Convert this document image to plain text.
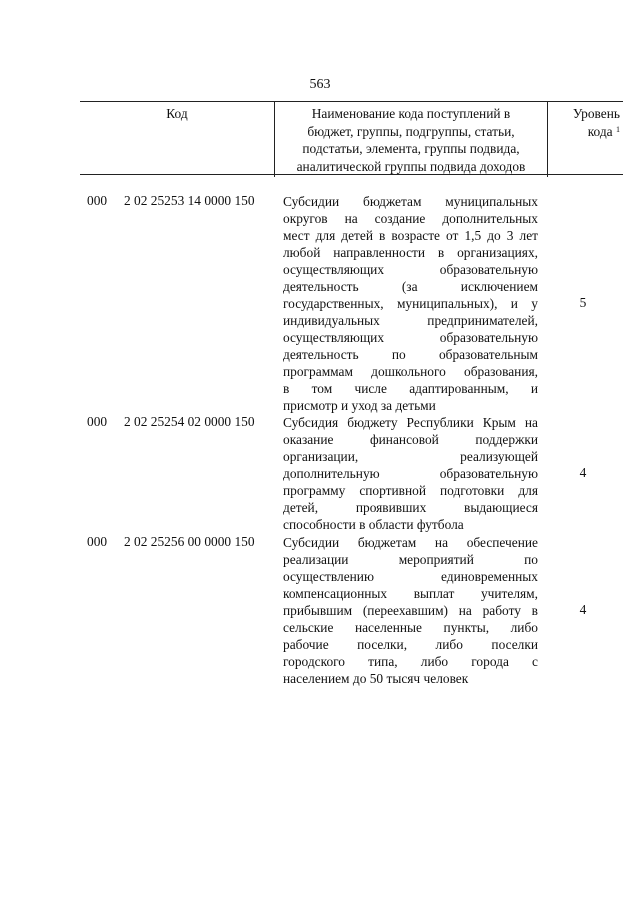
563
Код	Наименование кода поступлений в
бюджет, группы, подгруппы, статьи,
подстатьи, элемента, группы подвида,
аналитической группы подвида доходов
Уровень
кода $^1$
000 2 02 25253 14 0000 150 Субсидии бюджетам муниципальных
округов на создание дополнительных
мест для детей в возрасте от 1,5 до 3 лет
любой направленности в организациях,
осуществляющих образовательную
деятельность (за исключением
государственных, муниципальных), и у
индивидуальных предпринимателей,
осуществляющих образовательную
деятельность по образовательным
программам дошкольного образования,
в том числе адаптированным, и
присмотр и уход за детьми
5
000 2 02 25254 02 0000 150 Субсидия бюджету Республики Крым на
оказание финансовой поддержки
организации, реализующей
дополнительную образовательную
программу спортивной подготовки для
детей, проявивших выдающиеся
способности в области футбола
4
000 2 02 25256 00 0000 150 Субсидии бюджетам на обеспечение
реализации мероприятий по
осуществлению единовременных
компенсационных выплат учителям,
прибывшим (переехавшим) на работу в
сельские населенные пункты, либо
рабочие поселки, либо поселки
городского типа, либо города с
населением до 50 тысяч человек
4
